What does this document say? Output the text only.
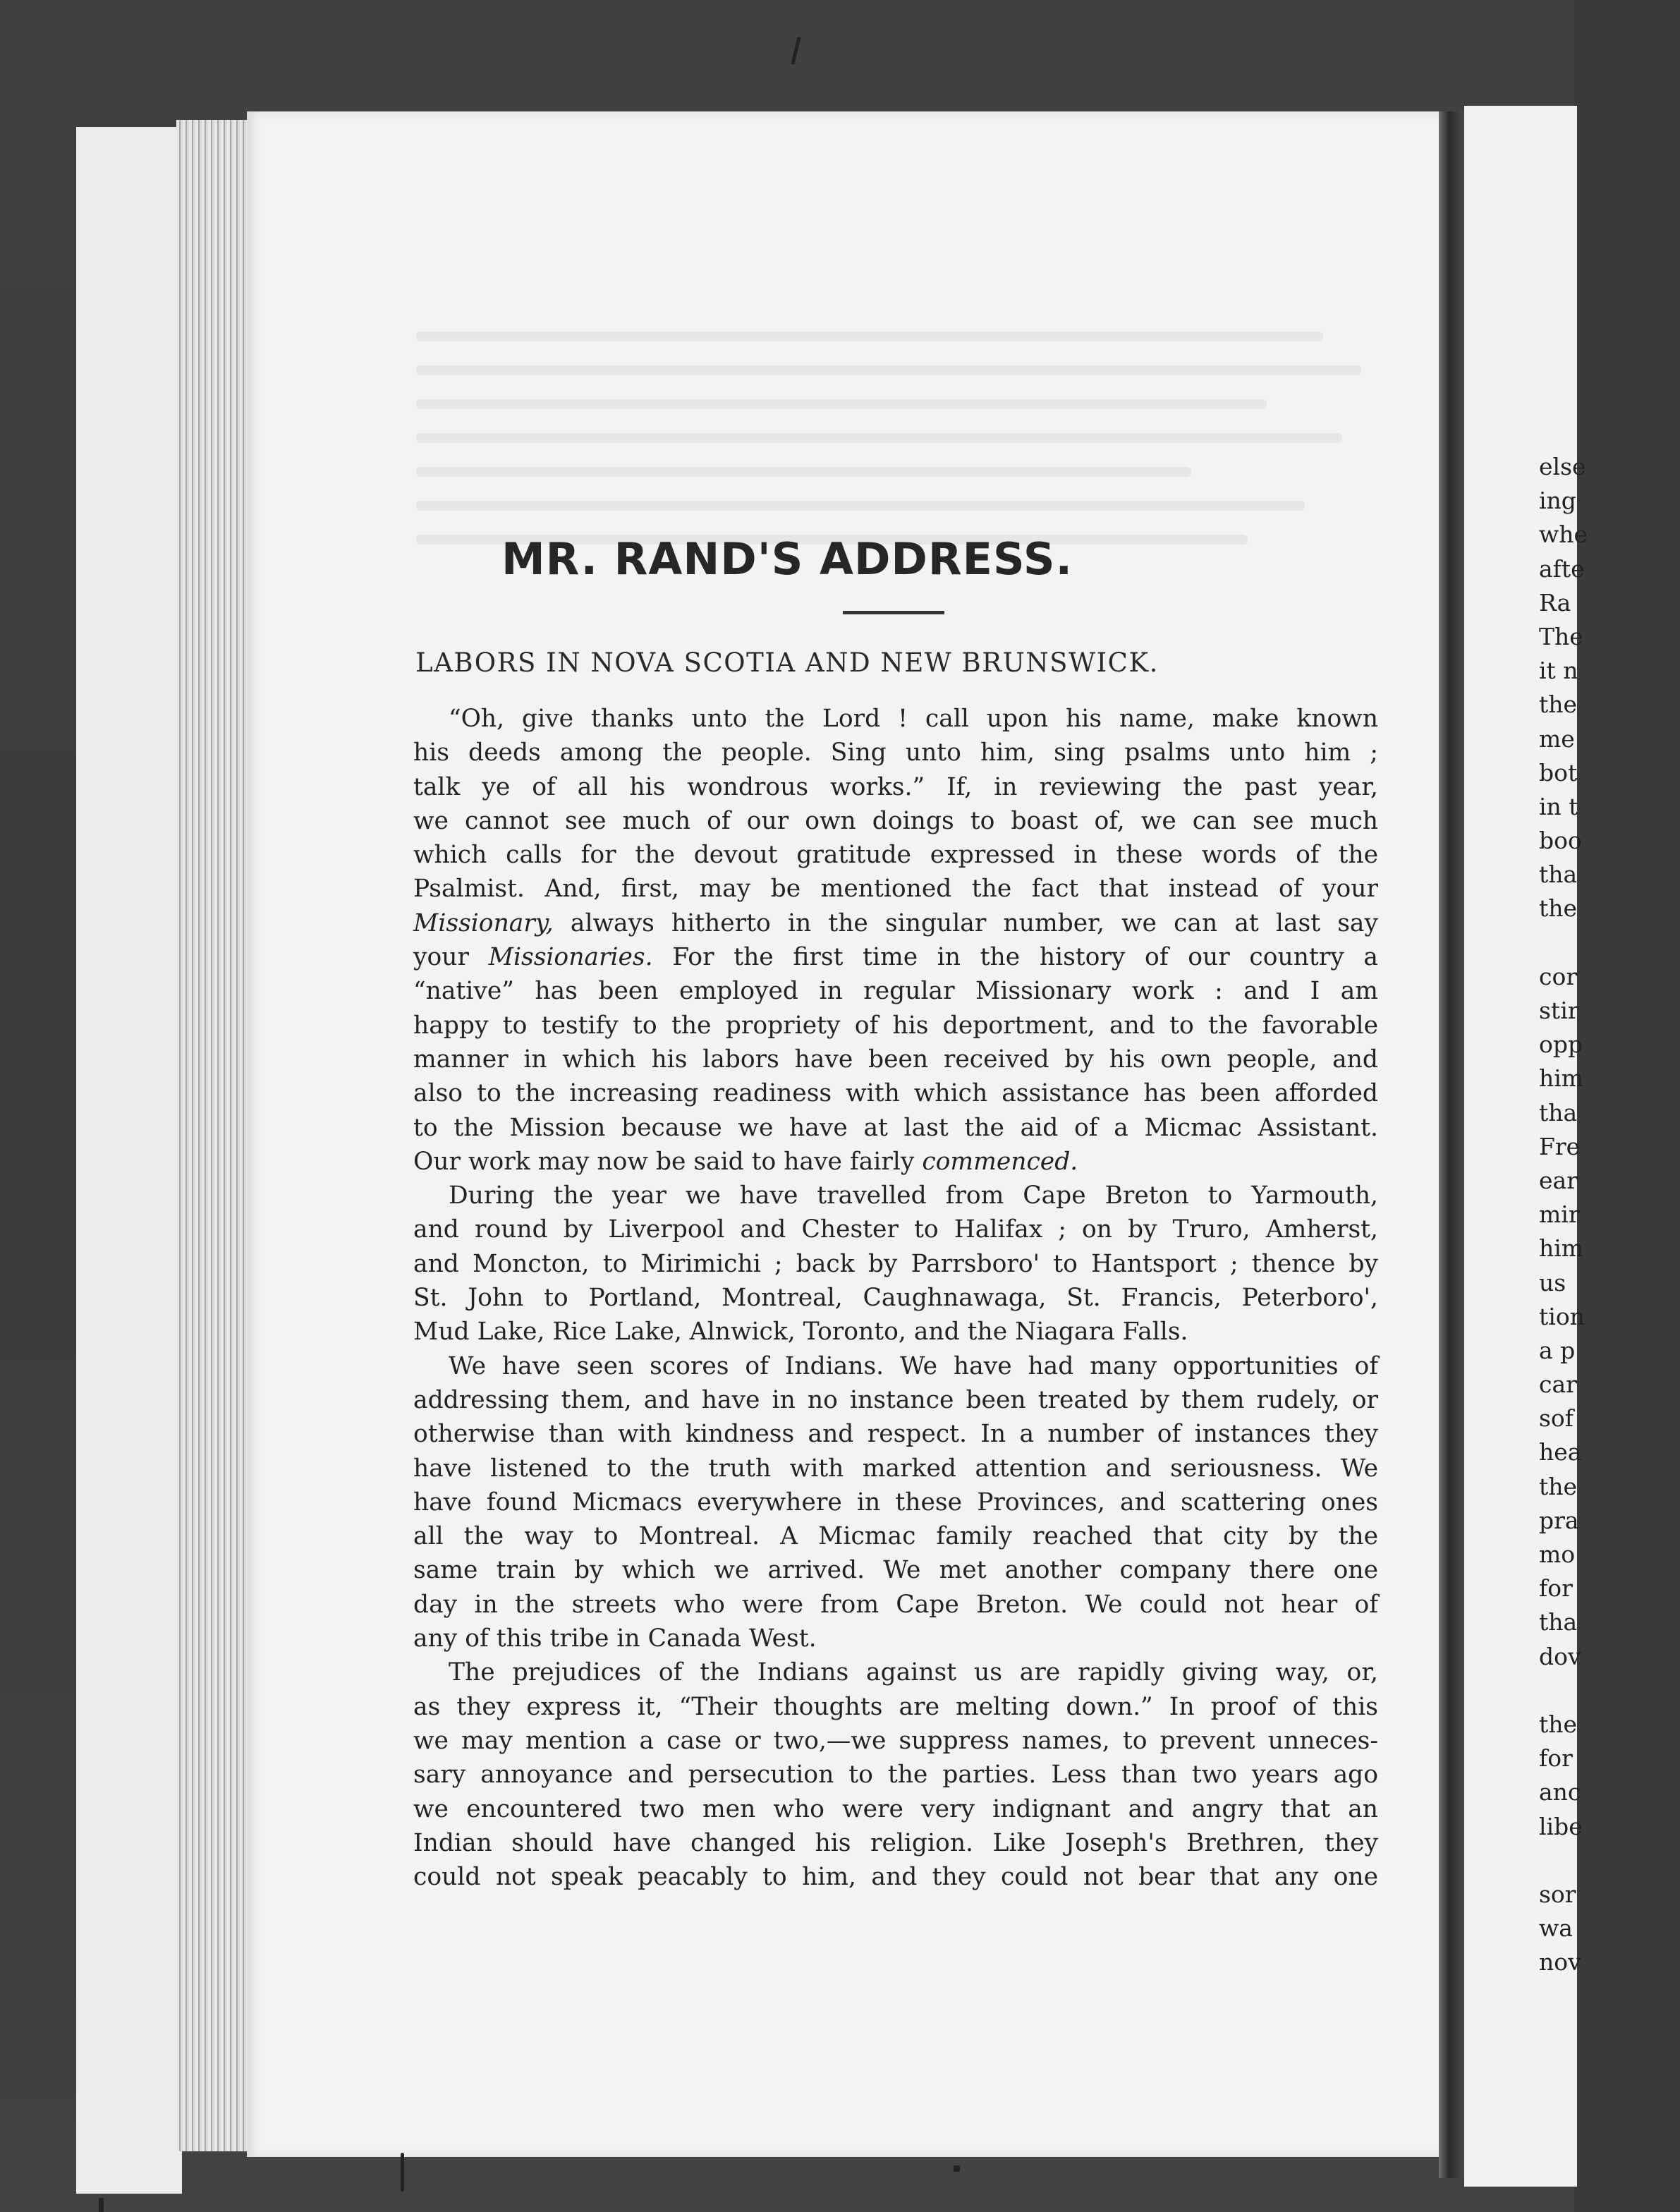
else
ing
whe
afte
Ra
The
it n
the
me
bot
in t
boo
tha
the
cor
stir
opp
him
tha
Fre
ear
mir
him
us
tion
a p
car
sof
hea
the
pra
mo
for
tha
dov
the
for
anc
libe
sor
wa
nov
MR. RAND'S ADDRESS.
LABORS IN NOVA SCOTIA AND NEW BRUNSWICK.
“Oh, give thanks unto the Lord ! call upon his name, make known
his deeds among the people. Sing unto him, sing psalms unto him ;
talk ye of all his wondrous works.” If, in reviewing the past year,
we cannot see much of our own doings to boast of, we can see much
which calls for the devout gratitude expressed in these words of the
Psalmist. And, first, may be mentioned the fact that instead of your
Missionary, always hitherto in the singular number, we can at last say
your Missionaries. For the first time in the history of our country a
“native” has been employed in regular Missionary work : and I am
happy to testify to the propriety of his deportment, and to the favorable
manner in which his labors have been received by his own people, and
also to the increasing readiness with which assistance has been afforded
to the Mission because we have at last the aid of a Micmac Assistant.
Our work may now be said to have fairly commenced.
During the year we have travelled from Cape Breton to Yarmouth,
and round by Liverpool and Chester to Halifax ; on by Truro, Amherst,
and Moncton, to Mirimichi ; back by Parrsboro' to Hantsport ; thence by
St. John to Portland, Montreal, Caughnawaga, St. Francis, Peterboro',
Mud Lake, Rice Lake, Alnwick, Toronto, and the Niagara Falls.
We have seen scores of Indians. We have had many opportunities of
addressing them, and have in no instance been treated by them rudely, or
otherwise than with kindness and respect. In a number of instances they
have listened to the truth with marked attention and seriousness. We
have found Micmacs everywhere in these Provinces, and scattering ones
all the way to Montreal. A Micmac family reached that city by the
same train by which we arrived. We met another company there one
day in the streets who were from Cape Breton. We could not hear of
any of this tribe in Canada West.
The prejudices of the Indians against us are rapidly giving way, or,
as they express it, “Their thoughts are melting down.” In proof of this
we may mention a case or two,—we suppress names, to prevent unneces-
sary annoyance and persecution to the parties. Less than two years ago
we encountered two men who were very indignant and angry that an
Indian should have changed his religion. Like Joseph's Brethren, they
could not speak peacably to him, and they could not bear that any one
